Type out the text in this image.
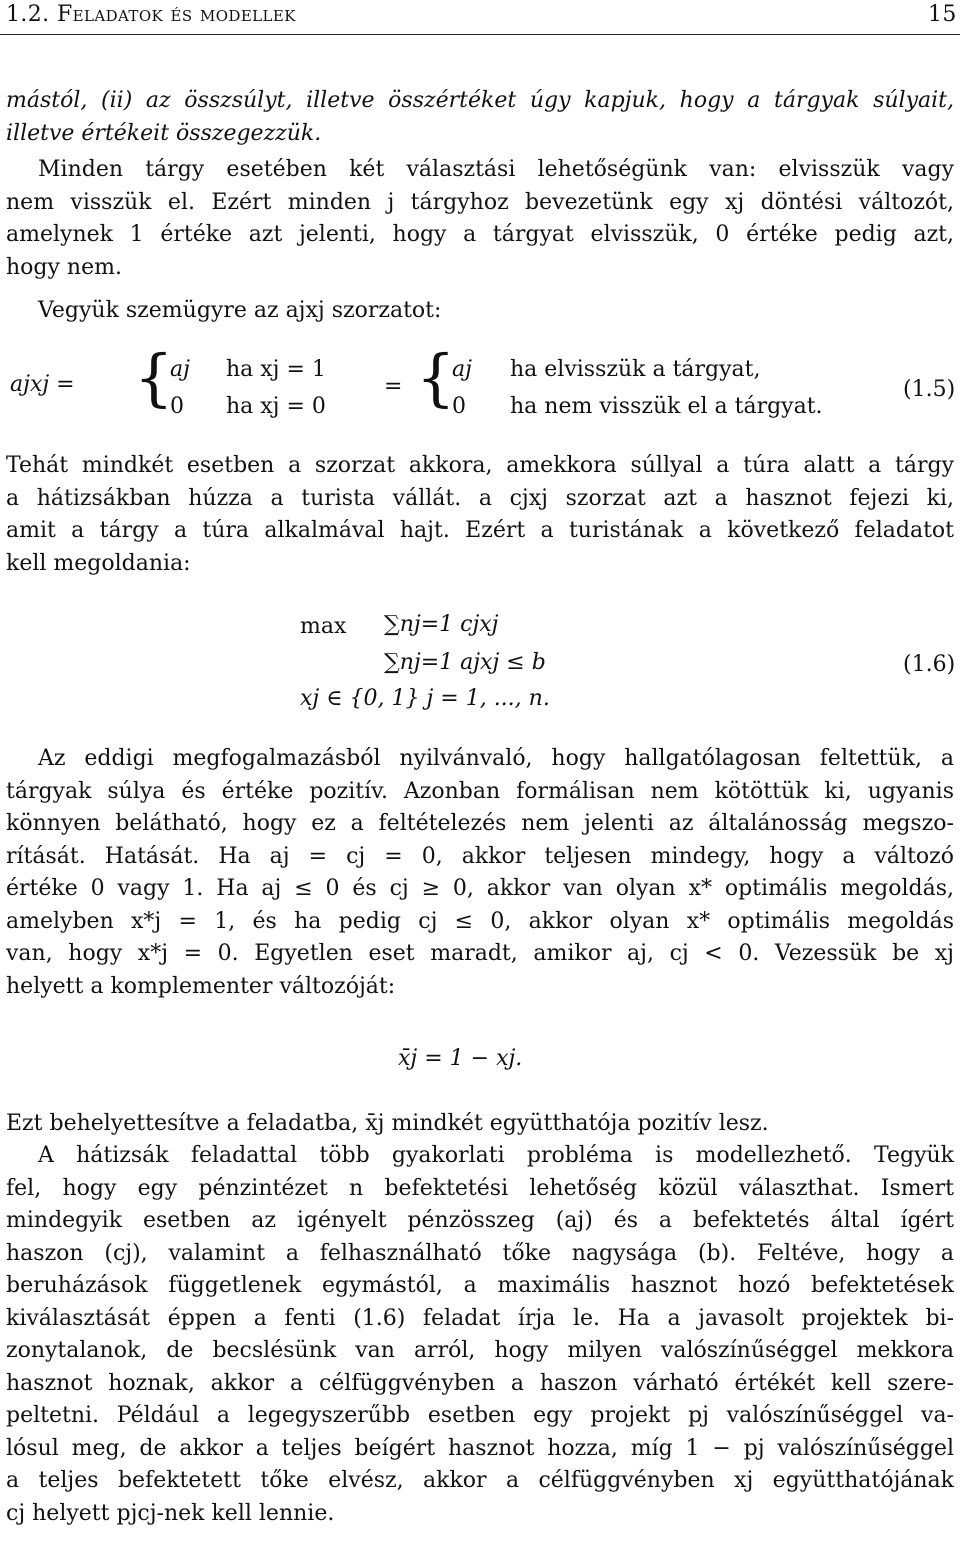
1.2. Feladatok és modellek	15
mástól, (ii) az összsúlyt, illetve összértéket úgy kapjuk, hogy a tárgyak súlyait,
illetve értékeit összegezzük.
Minden tárgy esetében két választási lehetőségünk van: elvisszük vagy
nem visszük el. Ezért minden j tárgyhoz bevezetünk egy xj döntési változót,
amelynek 1 értéke azt jelenti, hogy a tárgyat elvisszük, 0 értéke pedig azt,
hogy nem.
Vegyük szemügyre az ajxj szorzatot:
ajxj = {
aj ha xj = 1
0 ha xj = 0
= {
aj ha elvisszük a tárgyat,
0 ha nem visszük el a tárgyat.
(1.5)
Tehát mindkét esetben a szorzat akkora, amekkora súllyal a túra alatt a tárgy
a hátizsákban húzza a turista vállát. a cjxj szorzat azt a hasznot fejezi ki,
amit a tárgy a túra alkalmával hajt. Ezért a turistának a következő feladatot
kell megoldania:
max ∑nj=1 cjxj
∑nj=1 ajxj ≤ b
xj ∈ {0, 1} j = 1, ..., n.
(1.6)
Az eddigi megfogalmazásból nyilvánvaló, hogy hallgatólagosan feltettük, a
tárgyak súlya és értéke pozitív. Azonban formálisan nem kötöttük ki, ugyanis
könnyen belátható, hogy ez a feltételezés nem jelenti az általánosság megszo-
rítását. Hatását. Ha aj = cj = 0, akkor teljesen mindegy, hogy a változó
értéke 0 vagy 1. Ha aj ≤ 0 és cj ≥ 0, akkor van olyan x* optimális megoldás,
amelyben x*j = 1, és ha pedig cj ≤ 0, akkor olyan x* optimális megoldás
van, hogy x*j = 0. Egyetlen eset maradt, amikor aj, cj < 0. Vezessük be xj
helyett a komplementer változóját:
x̄j = 1 − xj.
Ezt behelyettesítve a feladatba, x̄j mindkét együtthatója pozitív lesz.
A hátizsák feladattal több gyakorlati probléma is modellezhető. Tegyük
fel, hogy egy pénzintézet n befektetési lehetőség közül választhat. Ismert
mindegyik esetben az igényelt pénzösszeg (aj) és a befektetés által ígért
haszon (cj), valamint a felhasználható tőke nagysága (b). Feltéve, hogy a
beruházások függetlenek egymástól, a maximális hasznot hozó befektetések
kiválasztását éppen a fenti (1.6) feladat írja le. Ha a javasolt projektek bi-
zonytalanok, de becslésünk van arról, hogy milyen valószínűséggel mekkora
hasznot hoznak, akkor a célfüggvényben a haszon várható értékét kell szere-
peltetni. Például a legegyszerűbb esetben egy projekt pj valószínűséggel va-
lósul meg, de akkor a teljes beígért hasznot hozza, míg 1 − pj valószínűséggel
a teljes befektetett tőke elvész, akkor a célfüggvényben xj együtthatójának
cj helyett pjcj-nek kell lennie.
